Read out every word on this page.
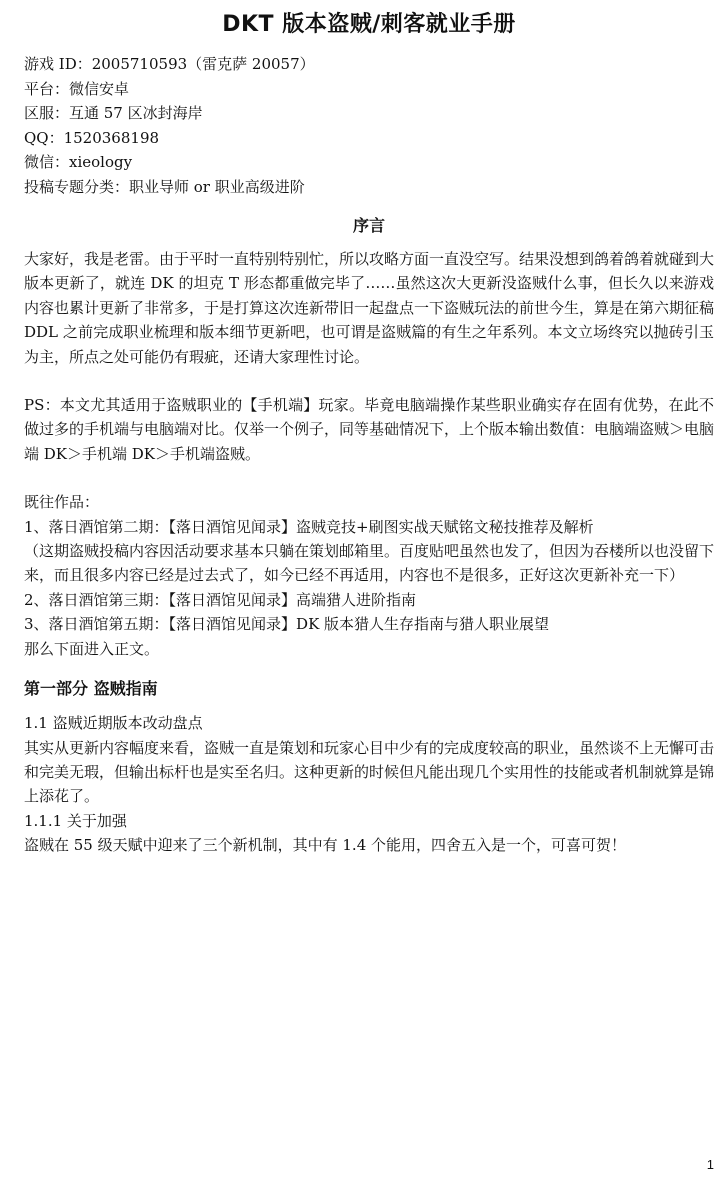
DKT 版本盗贼/刺客就业手册
游戏 ID：2005710593（雷克萨 20057）
平台：微信安卓
区服：互通 57 区冰封海岸
QQ：1520368198
微信：xieology
投稿专题分类：职业导师 or 职业高级进阶
序言
大家好，我是老雷。由于平时一直特别特别忙，所以攻略方面一直没空写。结果没想到鸽着鸽着就碰到大版本更新了，就连 DK 的坦克 T 形态都重做完毕了……虽然这次大更新没盗贼什么事，但长久以来游戏内容也累计更新了非常多，于是打算这次连新带旧一起盘点一下盗贼玩法的前世今生，算是在第六期征稿 DDL 之前完成职业梳理和版本细节更新吧，也可谓是盗贼篇的有生之年系列。本文立场终究以抛砖引玉为主，所点之处可能仍有瑕疵，还请大家理性讨论。
PS：本文尤其适用于盗贼职业的【手机端】玩家。毕竟电脑端操作某些职业确实存在固有优势，在此不做过多的手机端与电脑端对比。仅举一个例子，同等基础情况下，上个版本输出数值：电脑端盗贼＞电脑端 DK＞手机端 DK＞手机端盗贼。
既往作品：
1、落日酒馆第二期：【落日酒馆见闻录】盗贼竞技+刷图实战天赋铭文秘技推荐及解析
（这期盗贼投稿内容因活动要求基本只躺在策划邮箱里。百度贴吧虽然也发了，但因为吞楼所以也没留下来，而且很多内容已经是过去式了，如今已经不再适用，内容也不是很多，正好这次更新补充一下）
2、落日酒馆第三期：【落日酒馆见闻录】高端猎人进阶指南
3、落日酒馆第五期：【落日酒馆见闻录】DK 版本猎人生存指南与猎人职业展望
那么下面进入正文。
第一部分 盗贼指南
1.1 盗贼近期版本改动盘点
其实从更新内容幅度来看，盗贼一直是策划和玩家心目中少有的完成度较高的职业，虽然谈不上无懈可击和完美无瑕，但输出标杆也是实至名归。这种更新的时候但凡能出现几个实用性的技能或者机制就算是锦上添花了。
1.1.1 关于加强
盗贼在 55 级天赋中迎来了三个新机制，其中有 1.4 个能用，四舍五入是一个，可喜可贺！
1
